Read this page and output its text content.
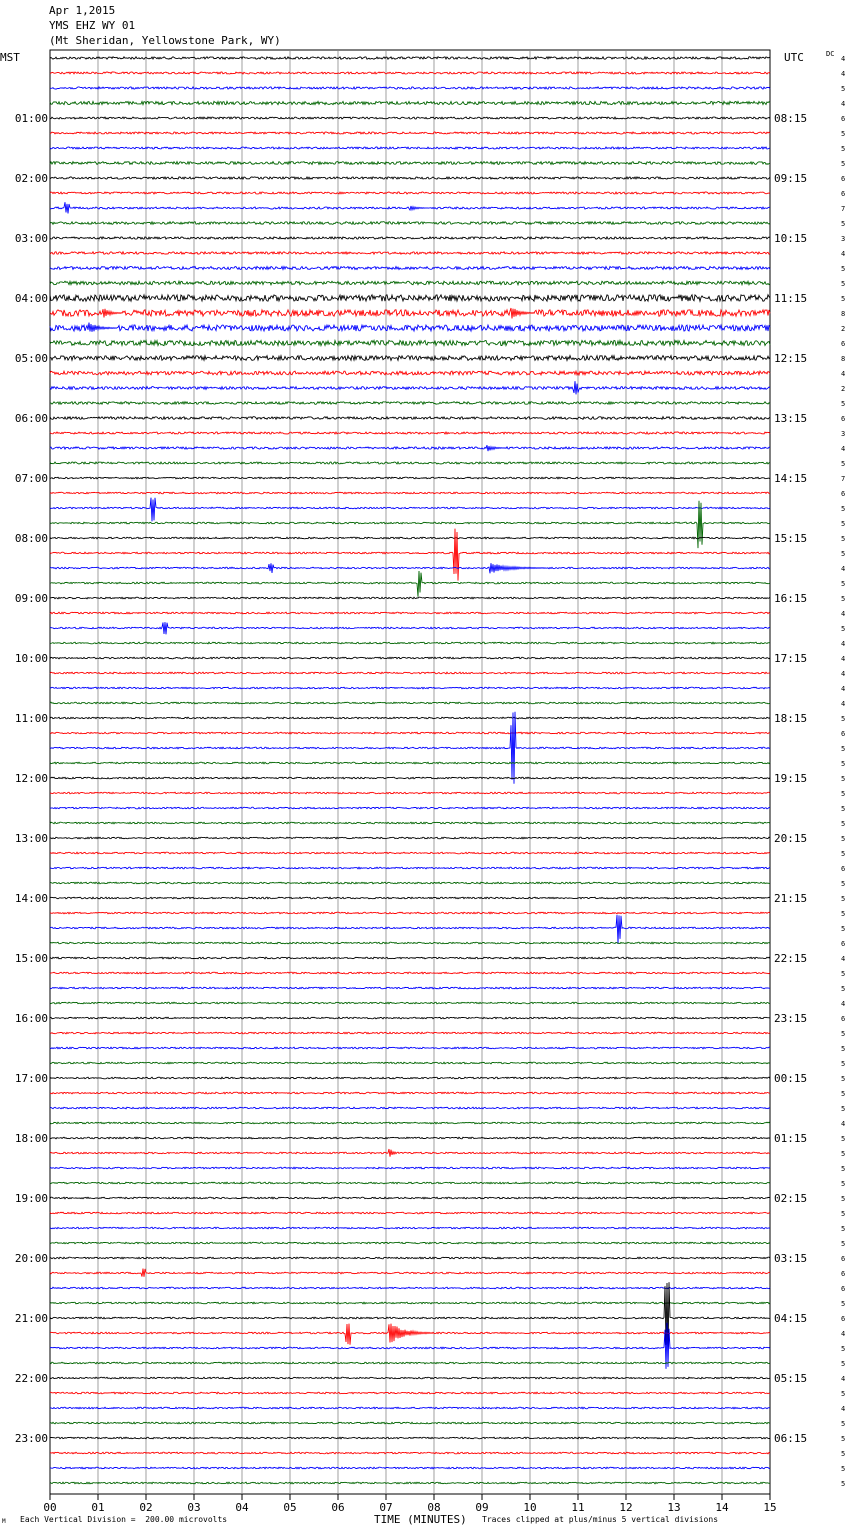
Apr 1,2015
YMS EHZ WY 01
(Mt Sheridan, Yellowstone Park, WY)
00	01	02	03	04	05	06	07	08	09	10	11	12	13	14	15
4
4
5
4
6
5
5
5
6
6
7
5
3
4
5
5
5
8
2
6
8
4
2
5
6
3
4
5
7
6
5
5
5
5
4
5
5
4
5
4
4
4
4
4
5
6
5
5
5
5
5
5
5
5
6
5
5
5
5
6
4
5
5
4
6
5
5
5
5
5
5
4
5
5
5
5
5
5
5
5
6
6
6
5
6
4
5
5
4
5
4
5
5
5
5
5
01:00	08:15
02:00	09:15
03:00	10:15
04:00	11:15
05:00	12:15
06:00	13:15
07:00	14:15
08:00	15:15
09:00	16:15
10:00	17:15
11:00	18:15
12:00	19:15
13:00	20:15
14:00	21:15
15:00	22:15
16:00	23:15
17:00	00:15
18:00	01:15
19:00	02:15
20:00	03:15
21:00	04:15
22:00	05:15
23:00	06:15
MST	UTC	DC
TIME (MINUTES)
M Each Vertical Division =  200.00 microvolts	Traces clipped at plus/minus 5 vertical divisions
